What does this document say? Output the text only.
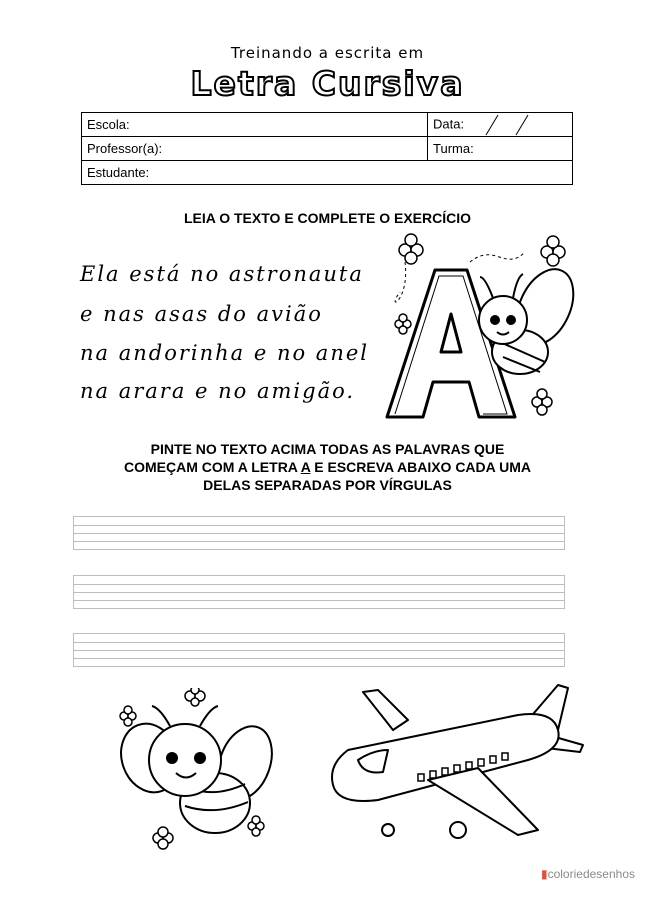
Treinando a escrita em
Letra Cursiva
Escola:	Data:
Professor(a):	Turma:
Estudante:	
LEIA O TEXTO E COMPLETE O EXERCÍCIO
Ela está no astronauta
e nas asas do avião
na andorinha e no anel
na arara e no amigão.
PINTE NO TEXTO ACIMA TODAS AS PALAVRAS QUE
COMEÇAM COM A LETRA A E ESCREVA ABAIXO CADA UMA
DELAS SEPARADAS POR VÍRGULAS
▮coloriedesenhos
